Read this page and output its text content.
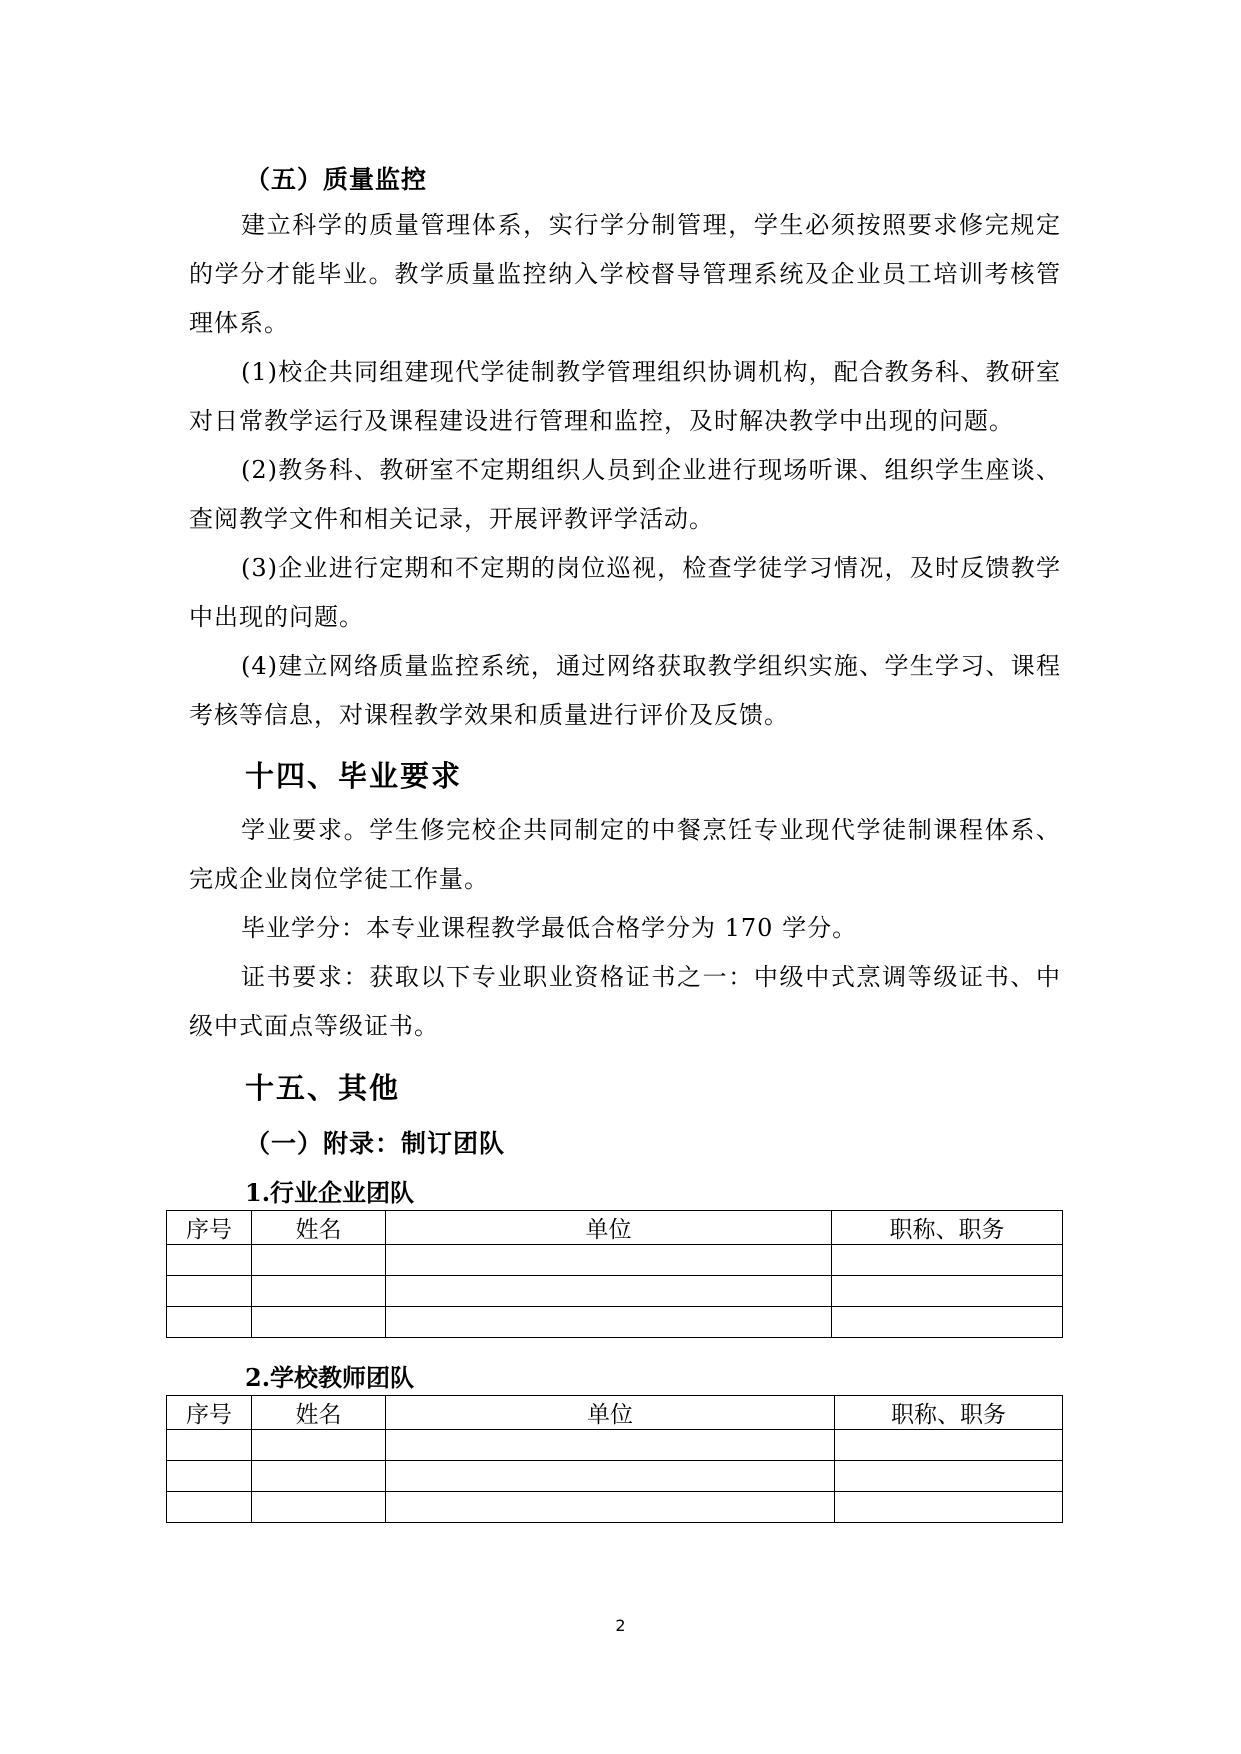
（五）质量监控

建立科学的质量管理体系，实行学分制管理，学生必须按照要求修完规定的学分才能毕业。教学质量监控纳入学校督导管理系统及企业员工培训考核管理体系。

(1)校企共同组建现代学徒制教学管理组织协调机构，配合教务科、教研室对日常教学运行及课程建设进行管理和监控，及时解决教学中出现的问题。

(2)教务科、教研室不定期组织人员到企业进行现场听课、组织学生座谈、查阅教学文件和相关记录，开展评教评学活动。

(3)企业进行定期和不定期的岗位巡视，检查学徒学习情况，及时反馈教学中出现的问题。

(4)建立网络质量监控系统，通过网络获取教学组织实施、学生学习、课程考核等信息，对课程教学效果和质量进行评价及反馈。

十四、毕业要求

学业要求。学生修完校企共同制定的中餐烹饪专业现代学徒制课程体系、完成企业岗位学徒工作量。

毕业学分：本专业课程教学最低合格学分为 170 学分。

证书要求：获取以下专业职业资格证书之一：中级中式烹调等级证书、中级中式面点等级证书。

十五、其他
（一）附录：制订团队
1.行业企业团队
序号	姓名	单位	职称、职务

2.学校教师团队
序号	姓名	单位	职称、职务

2
